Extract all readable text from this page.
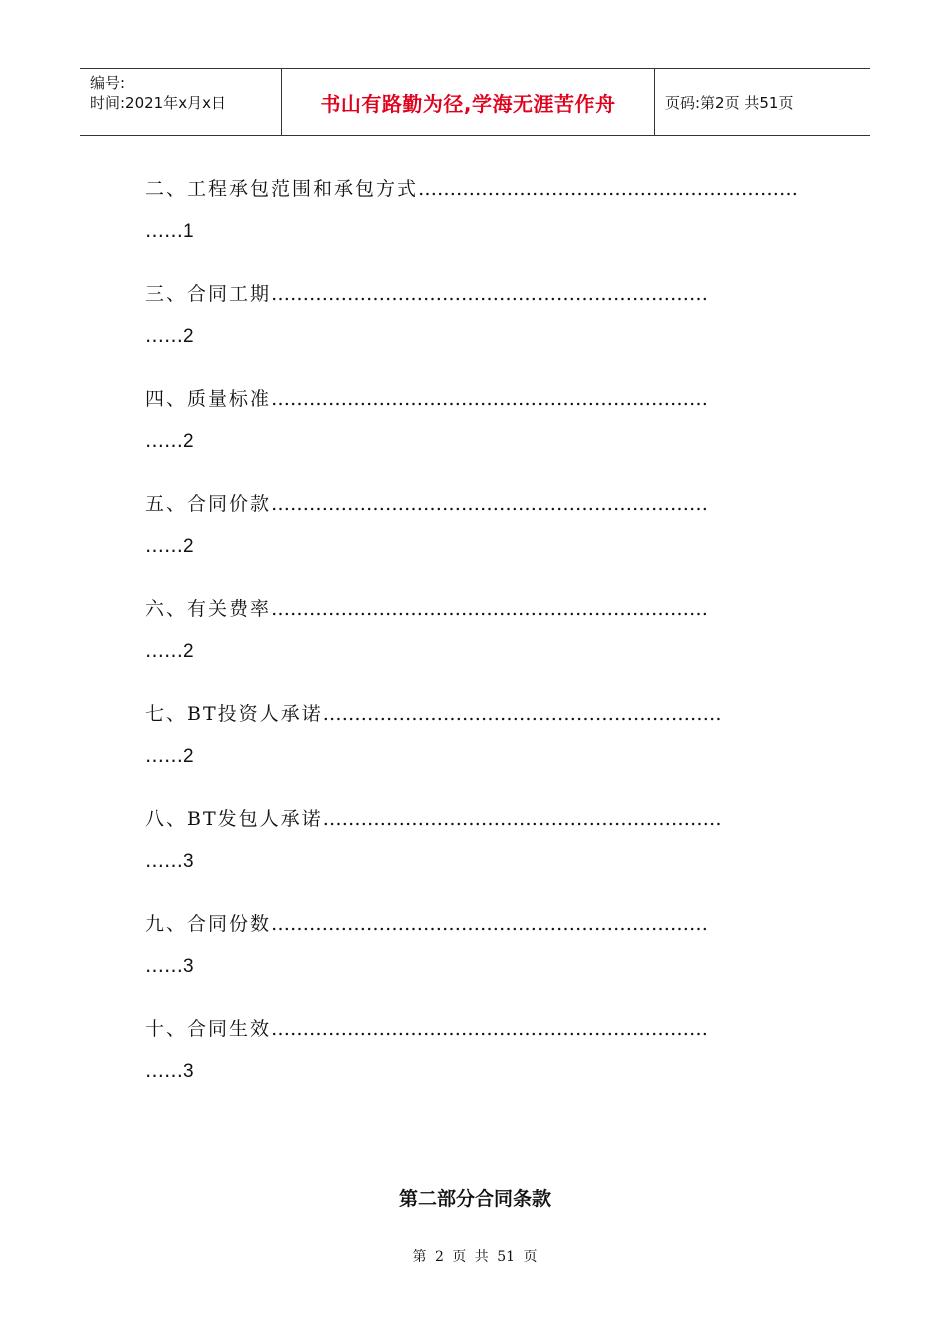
编号:
时间:2021年x月x日	书山有路勤为径,学海无涯苦作舟	页码:第2页 共51页
二、工程承包范围和承包方式……………………………………………………
……1
三、合同工期……………………………………………………………
……2
四、质量标准……………………………………………………………
……2
五、合同价款……………………………………………………………
……2
六、有关费率……………………………………………………………
……2
七、BT投资人承诺………………………………………………………
……2
八、BT发包人承诺………………………………………………………
……3
九、合同份数……………………………………………………………
……3
十、合同生效……………………………………………………………
……3
第二部分合同条款
第 2 页 共 51 页
